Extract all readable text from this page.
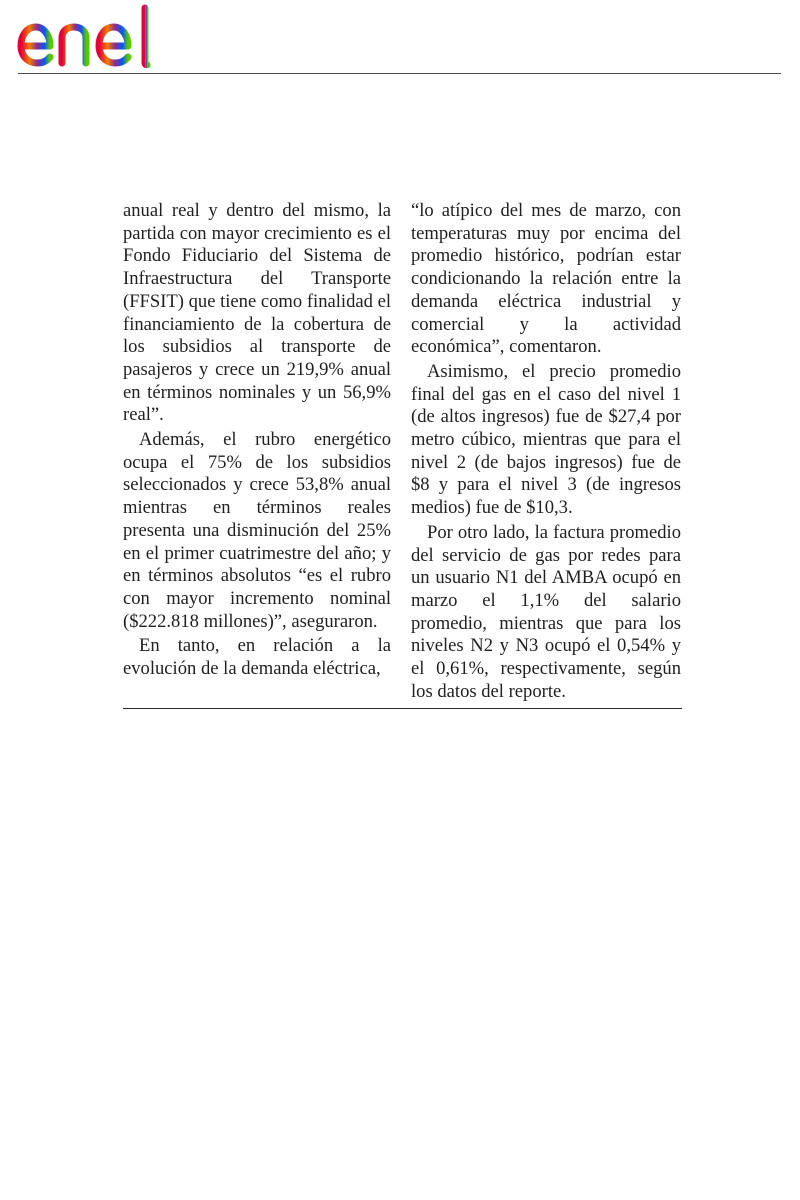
anual real y dentro del mismo, la partida con mayor crecimiento es el Fondo Fiduciario del Sistema de Infraestructura del Transporte (FFSIT) que tiene como finalidad el financiamiento de la cobertura de los subsidios al transporte de pasajeros y crece un 219,9% anual en términos nominales y un 56,9% real”.

Además, el rubro energético ocupa el 75% de los subsidios seleccionados y crece 53,8% anual mientras en términos reales presenta una disminución del 25% en el primer cuatrimestre del año; y en términos absolutos “es el rubro con mayor incremento nominal ($222.818 millones)”, aseguraron.

En tanto, en relación a la evolución de la demanda eléctrica,

“lo atípico del mes de marzo, con temperaturas muy por encima del promedio histórico, podrían estar condicionando la relación entre la demanda eléctrica industrial y comercial y la actividad económica”, comentaron.

Asimismo, el precio promedio final del gas en el caso del nivel 1 (de altos ingresos) fue de $27,4 por metro cúbico, mientras que para el nivel 2 (de bajos ingresos) fue de $8 y para el nivel 3 (de ingresos medios) fue de $10,3.

Por otro lado, la factura promedio del servicio de gas por redes para un usuario N1 del AMBA ocupó en marzo el 1,1% del salario promedio, mientras que para los niveles N2 y N3 ocupó el 0,54% y el 0,61%, respectivamente, según los datos del reporte.
